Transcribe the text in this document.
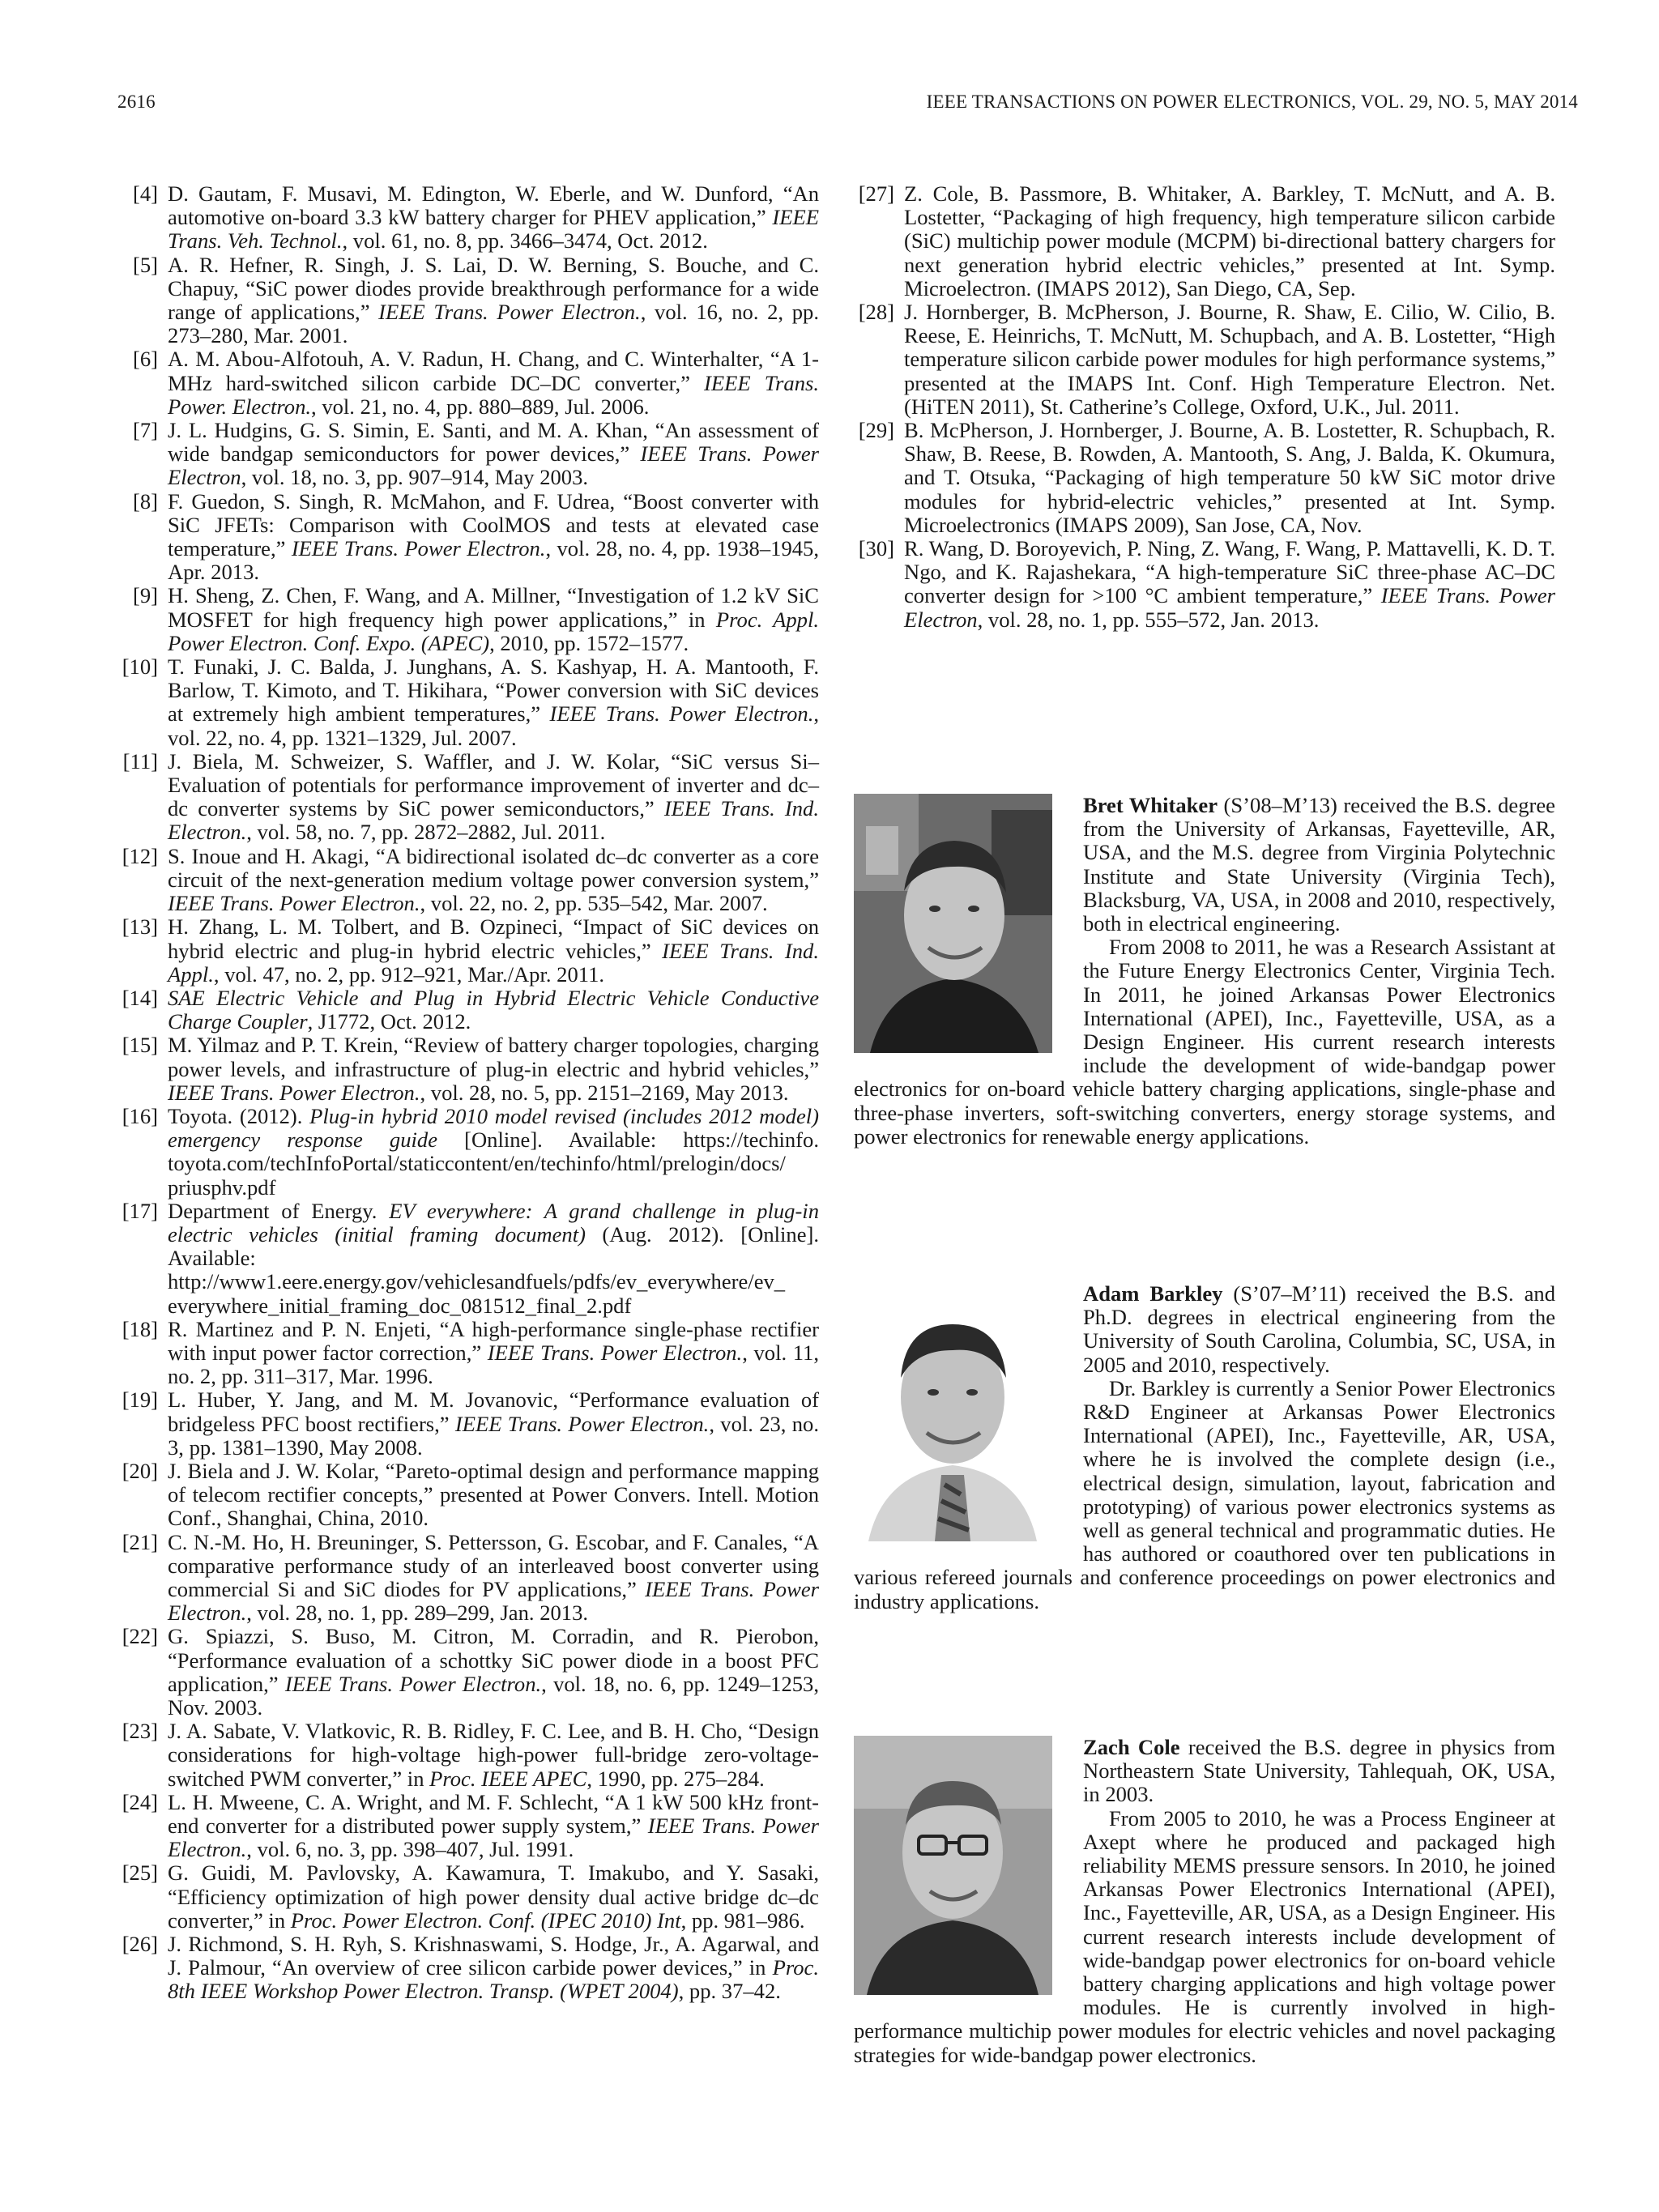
2616	IEEE TRANSACTIONS ON POWER ELECTRONICS, VOL. 29, NO. 5, MAY 2014
[4] D. Gautam, F. Musavi, M. Edington, W. Eberle, and W. Dunford, “An automotive on-board 3.3 kW battery charger for PHEV application,” IEEE Trans. Veh. Technol., vol. 61, no. 8, pp. 3466–3474, Oct. 2012.
[5] A. R. Hefner, R. Singh, J. S. Lai, D. W. Berning, S. Bouche, and C. Chapuy, “SiC power diodes provide breakthrough performance for a wide range of applications,” IEEE Trans. Power Electron., vol. 16, no. 2, pp. 273–280, Mar. 2001.
[6] A. M. Abou-Alfotouh, A. V. Radun, H. Chang, and C. Winterhalter, “A 1-MHz hard-switched silicon carbide DC–DC converter,” IEEE Trans. Power. Electron., vol. 21, no. 4, pp. 880–889, Jul. 2006.
[7] J. L. Hudgins, G. S. Simin, E. Santi, and M. A. Khan, “An assessment of wide bandgap semiconductors for power devices,” IEEE Trans. Power Electron, vol. 18, no. 3, pp. 907–914, May 2003.
[8] F. Guedon, S. Singh, R. McMahon, and F. Udrea, “Boost converter with SiC JFETs: Comparison with CoolMOS and tests at elevated case temperature,” IEEE Trans. Power Electron., vol. 28, no. 4, pp. 1938–1945, Apr. 2013.
[9] H. Sheng, Z. Chen, F. Wang, and A. Millner, “Investigation of 1.2 kV SiC MOSFET for high frequency high power applications,” in Proc. Appl. Power Electron. Conf. Expo. (APEC), 2010, pp. 1572–1577.
[10] T. Funaki, J. C. Balda, J. Junghans, A. S. Kashyap, H. A. Mantooth, F. Barlow, T. Kimoto, and T. Hikihara, “Power conversion with SiC devices at extremely high ambient temperatures,” IEEE Trans. Power Electron., vol. 22, no. 4, pp. 1321–1329, Jul. 2007.
[11] J. Biela, M. Schweizer, S. Waffler, and J. W. Kolar, “SiC versus Si–Evaluation of potentials for performance improvement of inverter and dc–dc converter systems by SiC power semiconductors,” IEEE Trans. Ind. Electron., vol. 58, no. 7, pp. 2872–2882, Jul. 2011.
[12] S. Inoue and H. Akagi, “A bidirectional isolated dc–dc converter as a core circuit of the next-generation medium voltage power conversion system,” IEEE Trans. Power Electron., vol. 22, no. 2, pp. 535–542, Mar. 2007.
[13] H. Zhang, L. M. Tolbert, and B. Ozpineci, “Impact of SiC devices on hybrid electric and plug-in hybrid electric vehicles,” IEEE Trans. Ind. Appl., vol. 47, no. 2, pp. 912–921, Mar./Apr. 2011.
[14] SAE Electric Vehicle and Plug in Hybrid Electric Vehicle Conductive Charge Coupler, J1772, Oct. 2012.
[15] M. Yilmaz and P. T. Krein, “Review of battery charger topologies, charging power levels, and infrastructure of plug-in electric and hybrid vehicles,” IEEE Trans. Power Electron., vol. 28, no. 5, pp. 2151–2169, May 2013.
[16] Toyota. (2012). Plug-in hybrid 2010 model revised (includes 2012 model) emergency response guide [Online]. Available: https://techinfo. toyota.com/techInfoPortal/staticcontent/en/techinfo/html/prelogin/docs/ priusphv.pdf
[17] Department of Energy. EV everywhere: A grand challenge in plug-in electric vehicles (initial framing document) (Aug. 2012). [Online]. Available: http://www1.eere.energy.gov/vehiclesandfuels/pdfs/ev_everywhere/ev_ everywhere_initial_framing_doc_081512_final_2.pdf
[18] R. Martinez and P. N. Enjeti, “A high-performance single-phase rectifier with input power factor correction,” IEEE Trans. Power Electron., vol. 11, no. 2, pp. 311–317, Mar. 1996.
[19] L. Huber, Y. Jang, and M. M. Jovanovic, “Performance evaluation of bridgeless PFC boost rectifiers,” IEEE Trans. Power Electron., vol. 23, no. 3, pp. 1381–1390, May 2008.
[20] J. Biela and J. W. Kolar, “Pareto-optimal design and performance mapping of telecom rectifier concepts,” presented at Power Convers. Intell. Motion Conf., Shanghai, China, 2010.
[21] C. N.-M. Ho, H. Breuninger, S. Pettersson, G. Escobar, and F. Canales, “A comparative performance study of an interleaved boost converter using commercial Si and SiC diodes for PV applications,” IEEE Trans. Power Electron., vol. 28, no. 1, pp. 289–299, Jan. 2013.
[22] G. Spiazzi, S. Buso, M. Citron, M. Corradin, and R. Pierobon, “Performance evaluation of a schottky SiC power diode in a boost PFC application,” IEEE Trans. Power Electron., vol. 18, no. 6, pp. 1249–1253, Nov. 2003.
[23] J. A. Sabate, V. Vlatkovic, R. B. Ridley, F. C. Lee, and B. H. Cho, “Design considerations for high-voltage high-power full-bridge zero-voltage-switched PWM converter,” in Proc. IEEE APEC, 1990, pp. 275–284.
[24] L. H. Mweene, C. A. Wright, and M. F. Schlecht, “A 1 kW 500 kHz front-end converter for a distributed power supply system,” IEEE Trans. Power Electron., vol. 6, no. 3, pp. 398–407, Jul. 1991.
[25] G. Guidi, M. Pavlovsky, A. Kawamura, T. Imakubo, and Y. Sasaki, “Efficiency optimization of high power density dual active bridge dc–dc converter,” in Proc. Power Electron. Conf. (IPEC 2010) Int, pp. 981–986.
[26] J. Richmond, S. H. Ryh, S. Krishnaswami, S. Hodge, Jr., A. Agarwal, and J. Palmour, “An overview of cree silicon carbide power devices,” in Proc. 8th IEEE Workshop Power Electron. Transp. (WPET 2004), pp. 37–42.
[27] Z. Cole, B. Passmore, B. Whitaker, A. Barkley, T. McNutt, and A. B. Lostetter, “Packaging of high frequency, high temperature silicon carbide (SiC) multichip power module (MCPM) bi-directional battery chargers for next generation hybrid electric vehicles,” presented at Int. Symp. Microelectron. (IMAPS 2012), San Diego, CA, Sep.
[28] J. Hornberger, B. McPherson, J. Bourne, R. Shaw, E. Cilio, W. Cilio, B. Reese, E. Heinrichs, T. McNutt, M. Schupbach, and A. B. Lostetter, “High temperature silicon carbide power modules for high performance systems,” presented at the IMAPS Int. Conf. High Temperature Electron. Net. (HiTEN 2011), St. Catherine’s College, Oxford, U.K., Jul. 2011.
[29] B. McPherson, J. Hornberger, J. Bourne, A. B. Lostetter, R. Schupbach, R. Shaw, B. Reese, B. Rowden, A. Mantooth, S. Ang, J. Balda, K. Okumura, and T. Otsuka, “Packaging of high temperature 50 kW SiC motor drive modules for hybrid-electric vehicles,” presented at Int. Symp. Microelectronics (IMAPS 2009), San Jose, CA, Nov.
[30] R. Wang, D. Boroyevich, P. Ning, Z. Wang, F. Wang, P. Mattavelli, K. D. T. Ngo, and K. Rajashekara, “A high-temperature SiC three-phase AC–DC converter design for >100 °C ambient temperature,” IEEE Trans. Power Electron, vol. 28, no. 1, pp. 555–572, Jan. 2013.

Bret Whitaker (S’08–M’13) received the B.S. degree from the University of Arkansas, Fayetteville, AR, USA, and the M.S. degree from Virginia Polytechnic Institute and State University (Virginia Tech), Blacksburg, VA, USA, in 2008 and 2010, respectively, both in electrical engineering.

From 2008 to 2011, he was a Research Assistant at the Future Energy Electronics Center, Virginia Tech. In 2011, he joined Arkansas Power Electronics International (APEI), Inc., Fayetteville, USA, as a Design Engineer. His current research interests include the development of wide-bandgap power electronics for on-board vehicle battery charging applications, single-phase and three-phase inverters, soft-switching converters, energy storage systems, and power electronics for renewable energy applications.

Adam Barkley (S’07–M’11) received the B.S. and Ph.D. degrees in electrical engineering from the University of South Carolina, Columbia, SC, USA, in 2005 and 2010, respectively.

Dr. Barkley is currently a Senior Power Electronics R&D Engineer at Arkansas Power Electronics International (APEI), Inc., Fayetteville, AR, USA, where he is involved the complete design (i.e., electrical design, simulation, layout, fabrication and prototyping) of various power electronics systems as well as general technical and programmatic duties. He has authored or coauthored over ten publications in various refereed journals and conference proceedings on power electronics and industry applications.

Zach Cole received the B.S. degree in physics from Northeastern State University, Tahlequah, OK, USA, in 2003.

From 2005 to 2010, he was a Process Engineer at Axept where he produced and packaged high reliability MEMS pressure sensors. In 2010, he joined Arkansas Power Electronics International (APEI), Inc., Fayetteville, AR, USA, as a Design Engineer. His current research interests include development of wide-bandgap power electronics for on-board vehicle battery charging applications and high voltage power modules. He is currently involved in high-performance multichip power modules for electric vehicles and novel packaging strategies for wide-bandgap power electronics.
